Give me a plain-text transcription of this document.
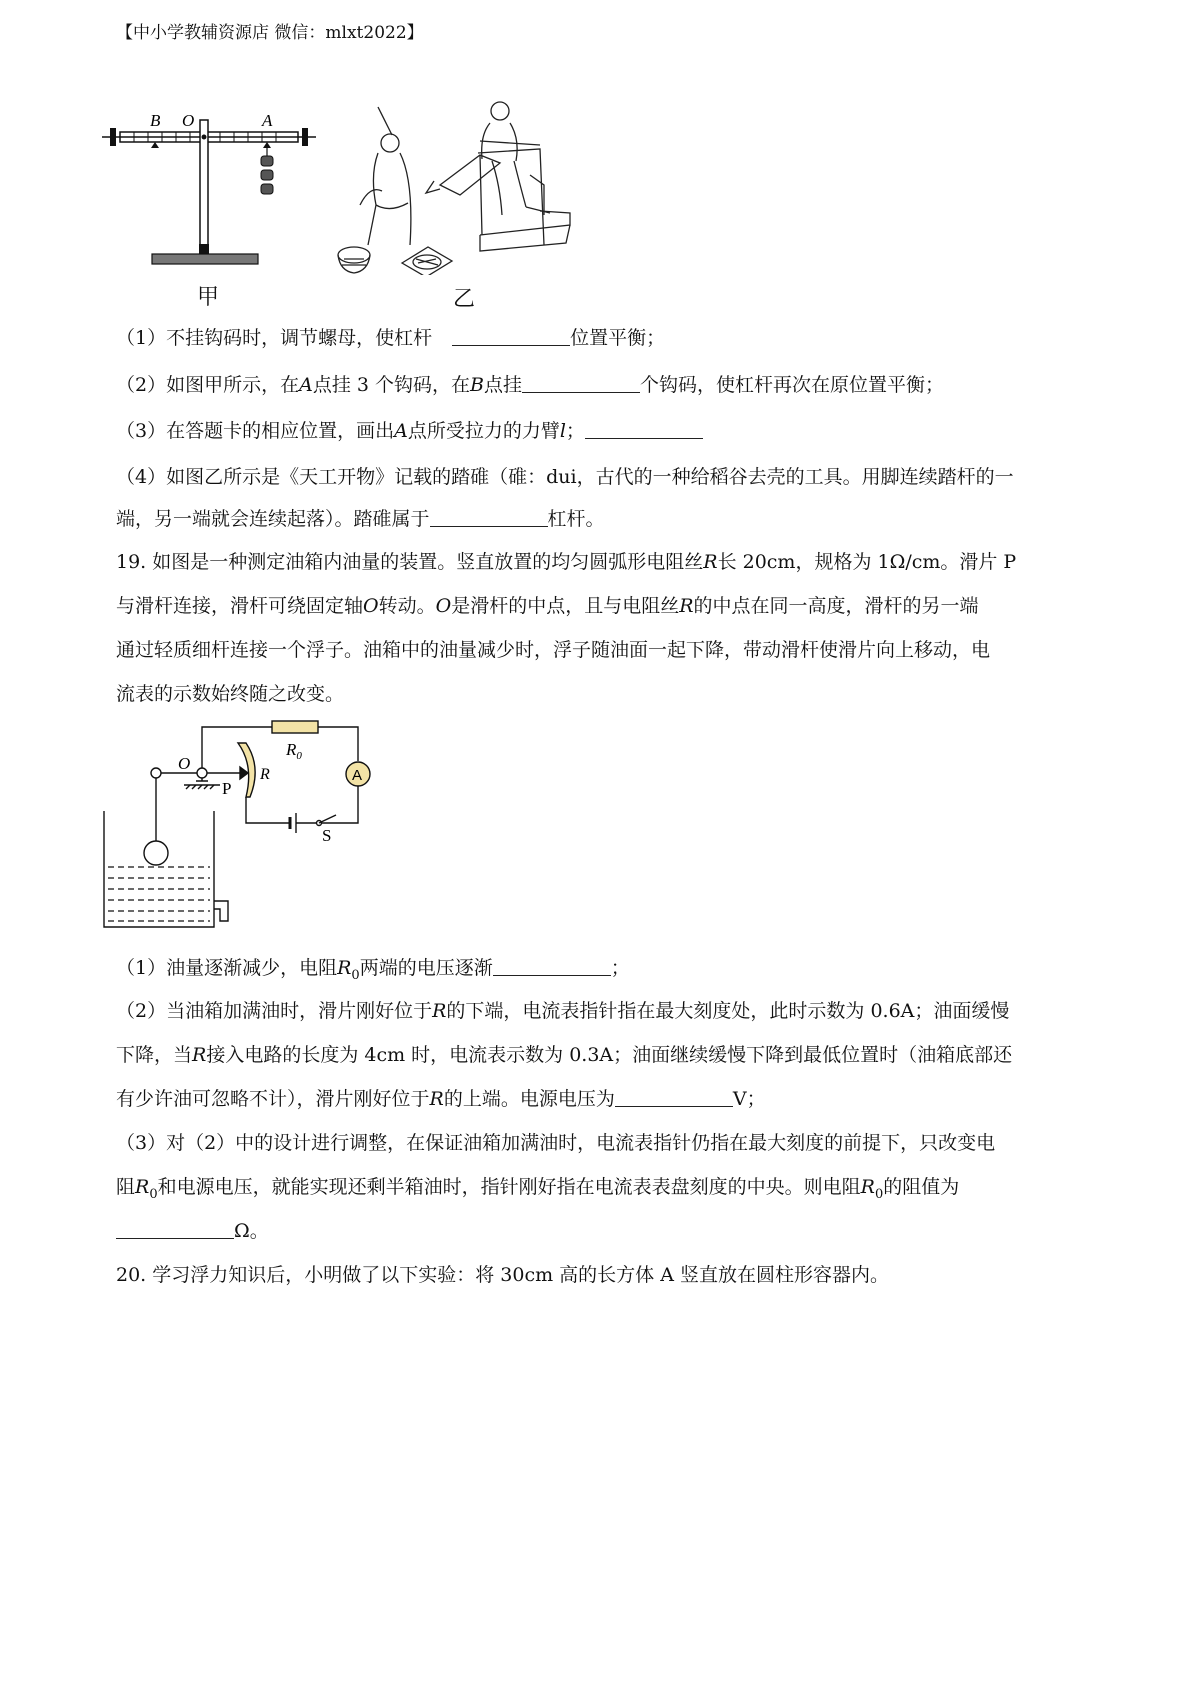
【中小学教辅资源店 微信：mlxt2022】
B O	A
甲	乙
（1）不挂钩码时，调节螺母，使杠杆	位置平衡；
（2）如图甲所示，在A点挂 3 个钩码，在B点挂	个钩码，使杠杆再次在原位置平衡；
（3）在答题卡的相应位置，画出A点所受拉力的力臂l；
（4）如图乙所示是《天工开物》记载的踏碓（碓：dui，古代的一种给稻谷去壳的工具。用脚连续踏杆的一
端，另一端就会连续起落）。踏碓属于	杠杆。
19. 如图是一种测定油箱内油量的装置。竖直放置的均匀圆弧形电阻丝R长 20cm，规格为 1Ω/cm。滑片 P
与滑杆连接，滑杆可绕固定轴O转动。O是滑杆的中点，且与电阻丝R的中点在同一高度，滑杆的另一端
通过轻质细杆连接一个浮子。油箱中的油量减少时，浮子随油面一起下降，带动滑杆使滑片向上移动，电
流表的示数始终随之改变。
$R_0$
A
R
O
P
S
（1）油量逐渐减少，电阻$R_0$两端的电压逐渐	；
（2）当油箱加满油时，滑片刚好位于R的下端，电流表指针指在最大刻度处，此时示数为 0.6A；油面缓慢
下降，当R接入电路的长度为 4cm 时，电流表示数为 0.3A；油面继续缓慢下降到最低位置时（油箱底部还
有少许油可忽略不计），滑片刚好位于R的上端。电源电压为	V；
（3）对（2）中的设计进行调整，在保证油箱加满油时，电流表指针仍指在最大刻度的前提下，只改变电
阻$R_0$和电源电压，就能实现还剩半箱油时，指针刚好指在电流表表盘刻度的中央。则电阻$R_0$的阻值为
Ω。
20. 学习浮力知识后，小明做了以下实验：将 30cm 高的长方体 A 竖直放在圆柱形容器内。
